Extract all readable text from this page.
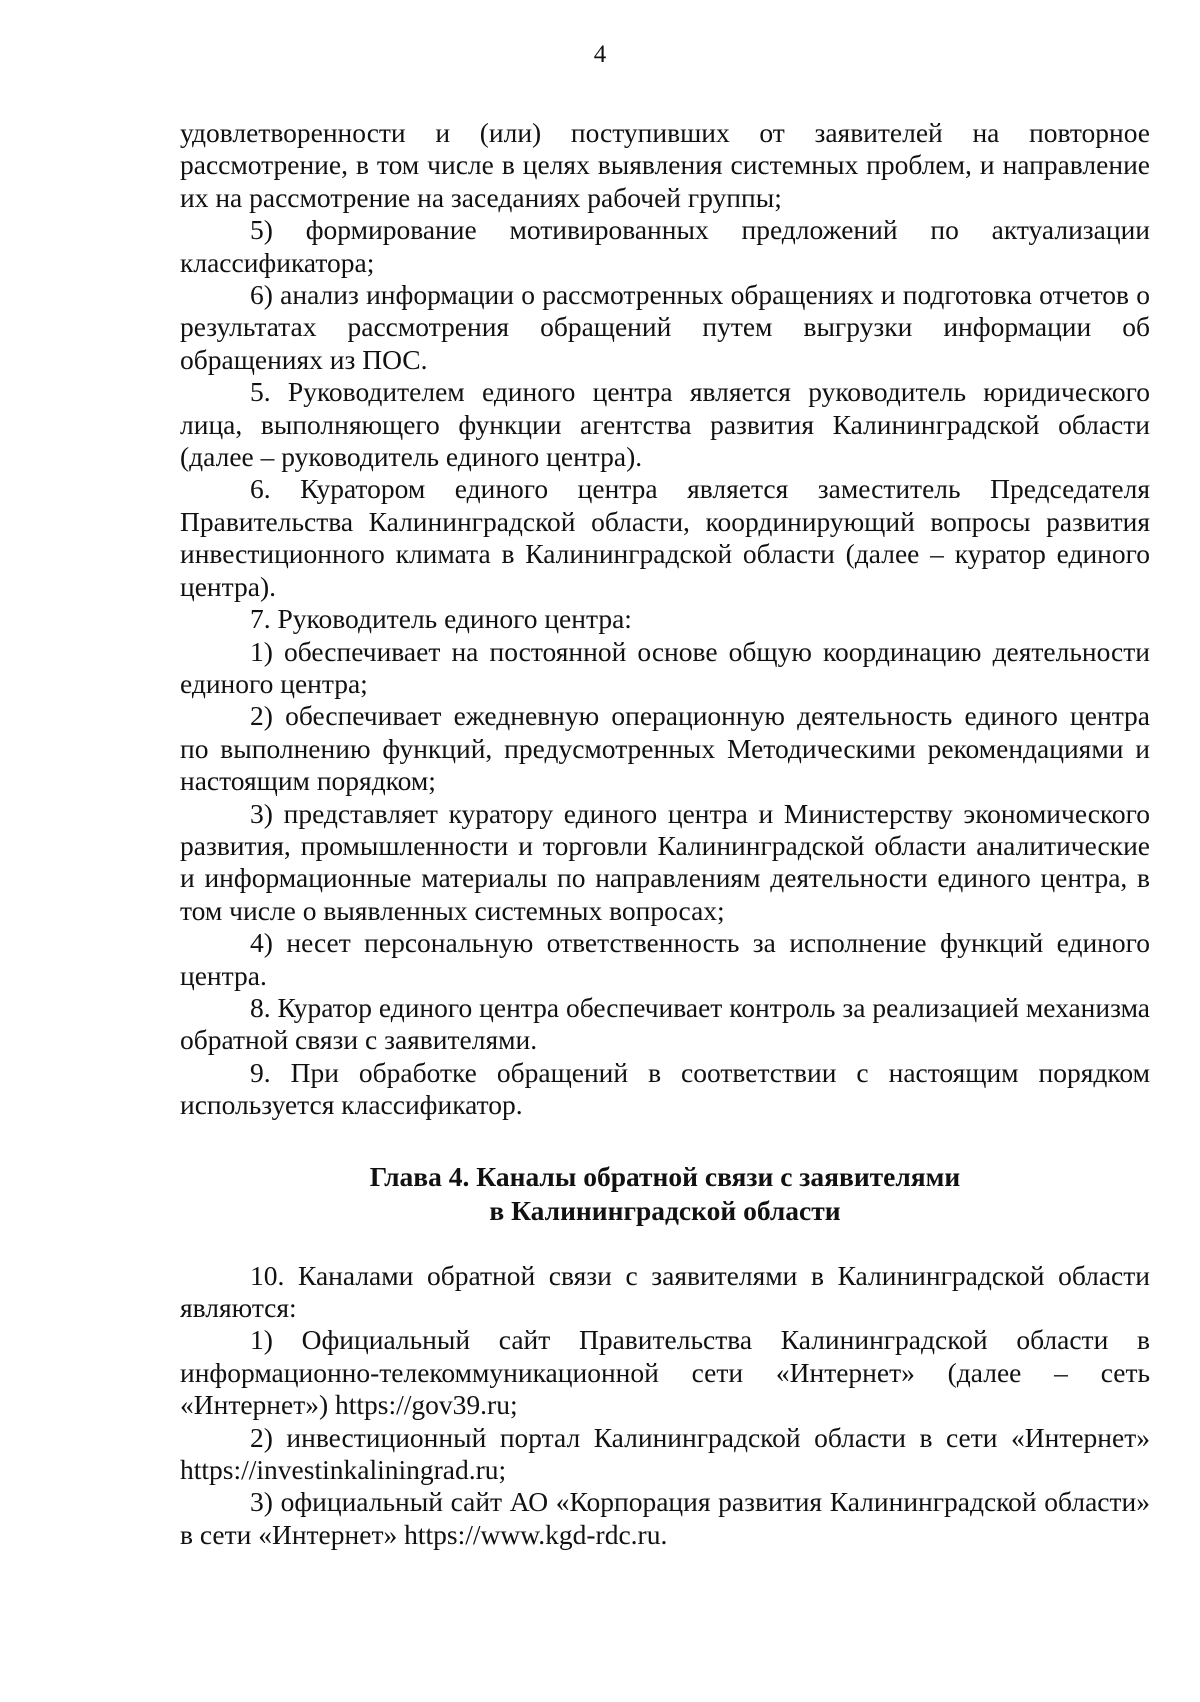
4

удовлетворенности и (или) поступивших от заявителей на повторное рассмотрение, в том числе в целях выявления системных проблем, и направление их на рассмотрение на заседаниях рабочей группы;

5) формирование мотивированных предложений по актуализации классификатора;

6) анализ информации о рассмотренных обращениях и подготовка отчетов о результатах рассмотрения обращений путем выгрузки информации об обращениях из ПОС.

5. Руководителем единого центра является руководитель юридического лица, выполняющего функции агентства развития Калининградской области (далее – руководитель единого центра).

6. Куратором единого центра является заместитель Председателя Правительства Калининградской области, координирующий вопросы развития инвестиционного климата в Калининградской области (далее – куратор единого центра).

7. Руководитель единого центра:

1) обеспечивает на постоянной основе общую координацию деятельности единого центра;

2) обеспечивает ежедневную операционную деятельность единого центра по выполнению функций, предусмотренных Методическими рекомендациями и настоящим порядком;

3) представляет куратору единого центра и Министерству экономического развития, промышленности и торговли Калининградской области аналитические и информационные материалы по направлениям деятельности единого центра, в том числе о выявленных системных вопросах;

4) несет персональную ответственность за исполнение функций единого центра.

8. Куратор единого центра обеспечивает контроль за реализацией механизма обратной связи с заявителями.

9. При обработке обращений в соответствии с настоящим порядком используется классификатор.

Глава 4. Каналы обратной связи с заявителями
в Калининградской области

10. Каналами обратной связи с заявителями в Калининградской области являются:

1) Официальный сайт Правительства Калининградской области в информационно-телекоммуникационной сети «Интернет» (далее – сеть «Интернет») https://gov39.ru;

2) инвестиционный портал Калининградской области в сети «Интернет» https://investinkaliningrad.ru;

3) официальный сайт АО «Корпорация развития Калининградской области» в сети «Интернет» https://www.kgd-rdc.ru.
